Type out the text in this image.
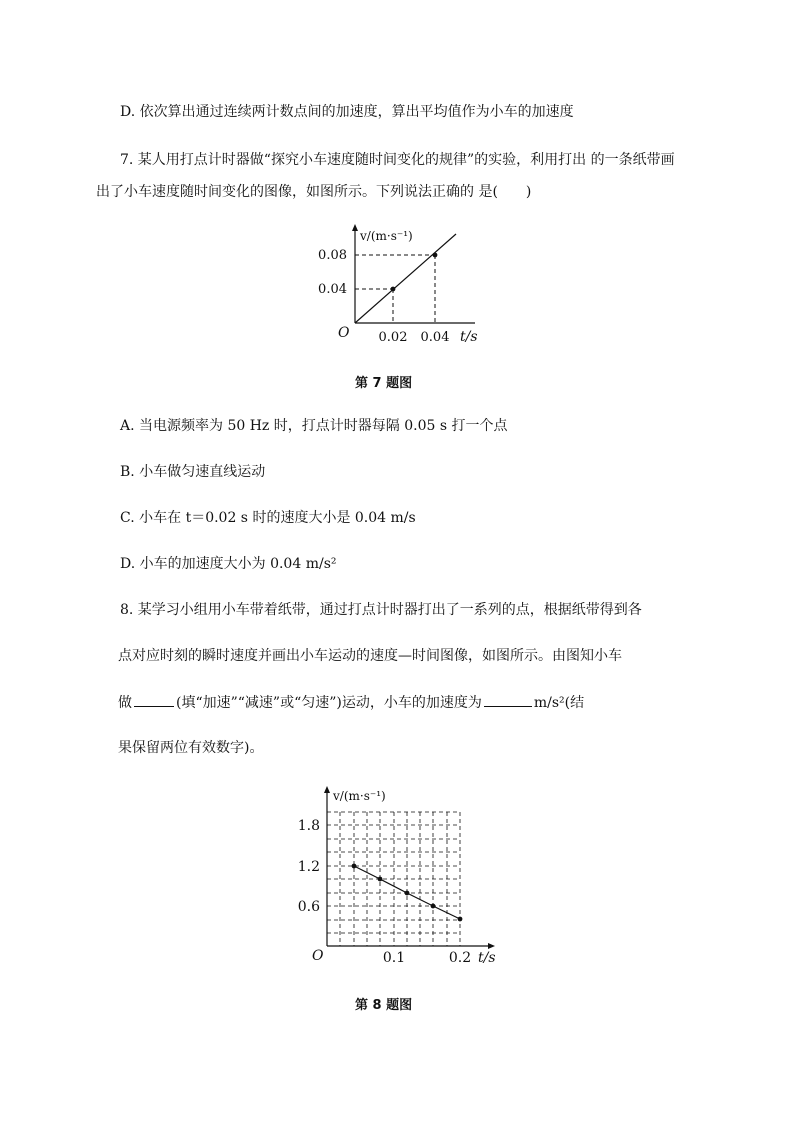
D. 依次算出通过连续两计数点间的加速度，算出平均值作为小车的加速度
7. 某人用打点计时器做“探究小车速度随时间变化的规律”的实验，利用打出 的一条纸带画
出了小车速度随时间变化的图像，如图所示。下列说法正确的 是(　　)
v/(m·s⁻¹)
0.08
0.04
O 0.02 0.04 t/s
第 7 题图
A. 当电源频率为 50 Hz 时，打点计时器每隔 0.05 s 打一个点
B. 小车做匀速直线运动
C. 小车在 t＝0.02 s 时的速度大小是 0.04 m/s
D. 小车的加速度大小为 0.04 m/s²
8. 某学习小组用小车带着纸带，通过打点计时器打出了一系列的点，根据纸带得到各
点对应时刻的瞬时速度并画出小车运动的速度—时间图像，如图所示。由图知小车
做	(填“加速”“减速”或“匀速”)运动，小车的加速度为	m/s²(结
果保留两位有效数字)。
v/(m·s⁻¹)
1.8
1.2
0.6
O	0.1	0.2 t/s
第 8 题图
